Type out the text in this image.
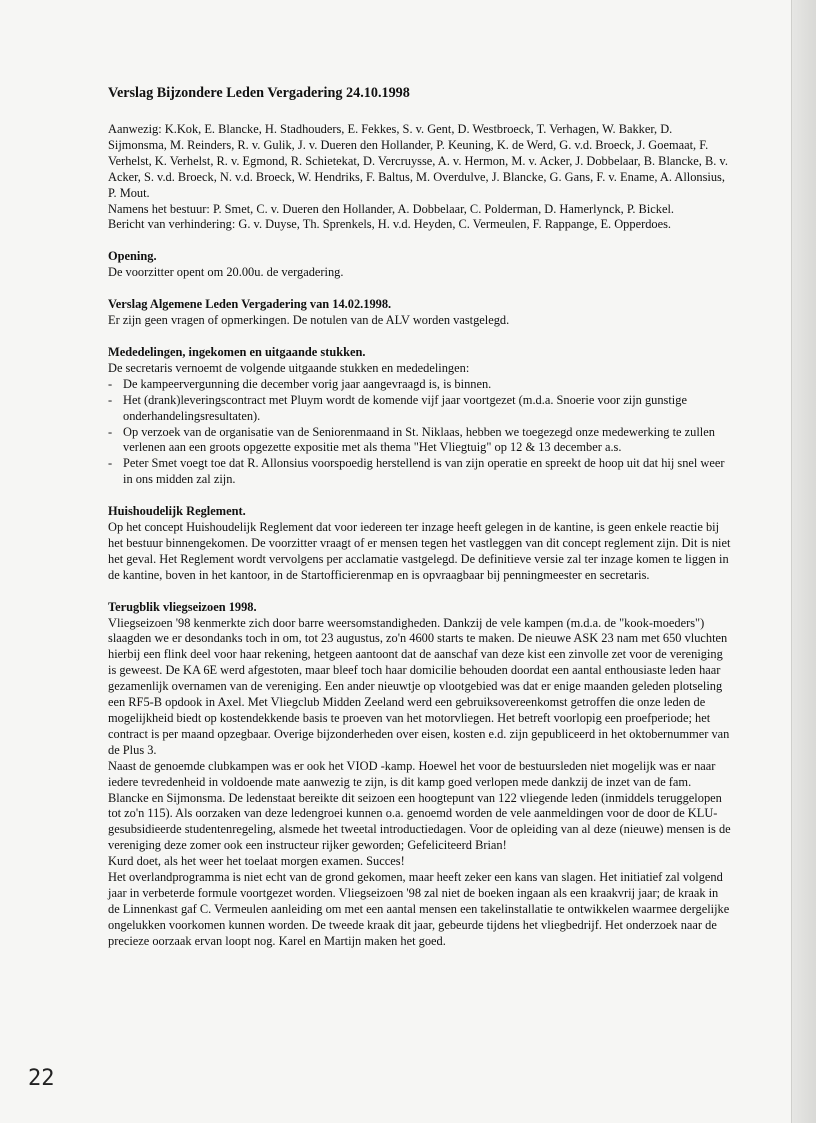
Verslag Bijzondere Leden Vergadering 24.10.1998

Aanwezig: K.Kok, E. Blancke, H. Stadhouders, E. Fekkes, S. v. Gent, D. Westbroeck, T. Verhagen, W. Bakker, D. Sijmonsma, M. Reinders, R. v. Gulik, J. v. Dueren den Hollander, P. Keuning, K. de Werd, G. v.d. Broeck, J. Goemaat, F. Verhelst, K. Verhelst, R. v. Egmond, R. Schietekat, D. Vercruysse, A. v. Hermon, M. v. Acker, J. Dobbelaar, B. Blancke, B. v. Acker, S. v.d. Broeck, N. v.d. Broeck, W. Hendriks, F. Baltus, M. Overdulve, J. Blancke, G. Gans, F. v. Ename, A. Allonsius, P. Mout.

Namens het bestuur: P. Smet, C. v. Dueren den Hollander, A. Dobbelaar, C. Polderman, D. Hamerlynck, P. Bickel.

Bericht van verhindering: G. v. Duyse, Th. Sprenkels, H. v.d. Heyden, C. Vermeulen, F. Rappange, E. Opperdoes.

Opening.

De voorzitter opent om 20.00u. de vergadering.

Verslag Algemene Leden Vergadering van 14.02.1998.

Er zijn geen vragen of opmerkingen. De notulen van de ALV worden vastgelegd.

Mededelingen, ingekomen en uitgaande stukken.

De secretaris vernoemt de volgende uitgaande stukken en mededelingen:

- De kampeervergunning die december vorig jaar aangevraagd is, is binnen.
- Het (drank)leveringscontract met Pluym wordt de komende vijf jaar voortgezet (m.d.a. Snoerie voor zijn gunstige onderhandelingsresultaten).
- Op verzoek van de organisatie van de Seniorenmaand in St. Niklaas, hebben we toegezegd onze medewerking te zullen verlenen aan een groots opgezette expositie met als thema "Het Vliegtuig" op 12 & 13 december a.s.
- Peter Smet voegt toe dat R. Allonsius voorspoedig herstellend is van zijn operatie en spreekt de hoop uit dat hij snel weer in ons midden zal zijn.
Huishoudelijk Reglement.

Op het concept Huishoudelijk Reglement dat voor iedereen ter inzage heeft gelegen in de kantine, is geen enkele reactie bij het bestuur binnengekomen. De voorzitter vraagt of er mensen tegen het vastleggen van dit concept reglement zijn. Dit is niet het geval. Het Reglement wordt vervolgens per acclamatie vastgelegd. De definitieve versie zal ter inzage komen te liggen in de kantine, boven in het kantoor, in de Startofficierenmap en is opvraagbaar bij penningmeester en secretaris.

Terugblik vliegseizoen 1998.

Vliegseizoen '98 kenmerkte zich door barre weersomstandigheden. Dankzij de vele kampen (m.d.a. de "kook-moeders") slaagden we er desondanks toch in om, tot 23 augustus, zo'n 4600 starts te maken. De nieuwe ASK 23 nam met 650 vluchten hierbij een flink deel voor haar rekening, hetgeen aantoont dat de aanschaf van deze kist een zinvolle zet voor de vereniging is geweest. De KA 6E werd afgestoten, maar bleef toch haar domicilie behouden doordat een aantal enthousiaste leden haar gezamenlijk overnamen van de vereniging. Een ander nieuwtje op vlootgebied was dat er enige maanden geleden plotseling een RF5-B opdook in Axel. Met Vliegclub Midden Zeeland werd een gebruiksovereenkomst getroffen die onze leden de mogelijkheid biedt op kostendekkende basis te proeven van het motorvliegen. Het betreft voorlopig een proefperiode; het contract is per maand opzegbaar. Overige bijzonderheden over eisen, kosten e.d. zijn gepubliceerd in het oktobernummer van de Plus 3.

Naast de genoemde clubkampen was er ook het VIOD -kamp. Hoewel het voor de bestuursleden niet mogelijk was er naar iedere tevredenheid in voldoende mate aanwezig te zijn, is dit kamp goed verlopen mede dankzij de inzet van de fam. Blancke en Sijmonsma. De ledenstaat bereikte dit seizoen een hoogtepunt van 122 vliegende leden (inmiddels teruggelopen tot zo'n 115). Als oorzaken van deze ledengroei kunnen o.a. genoemd worden de vele aanmeldingen voor de door de KLU-gesubsidieerde studentenregeling, alsmede het tweetal introductiedagen. Voor de opleiding van al deze (nieuwe) mensen is de vereniging deze zomer ook een instructeur rijker geworden; Gefeliciteerd Brian!

Kurd doet, als het weer het toelaat morgen examen. Succes!

Het overlandprogramma is niet echt van de grond gekomen, maar heeft zeker een kans van slagen. Het initiatief zal volgend jaar in verbeterde formule voortgezet worden. Vliegseizoen '98 zal niet de boeken ingaan als een kraakvrij jaar; de kraak in de Linnenkast gaf C. Vermeulen aanleiding om met een aantal mensen een takelinstallatie te ontwikkelen waarmee dergelijke ongelukken voorkomen kunnen worden. De tweede kraak dit jaar, gebeurde tijdens het vliegbedrijf. Het onderzoek naar de precieze oorzaak ervan loopt nog. Karel en Martijn maken het goed.

22
